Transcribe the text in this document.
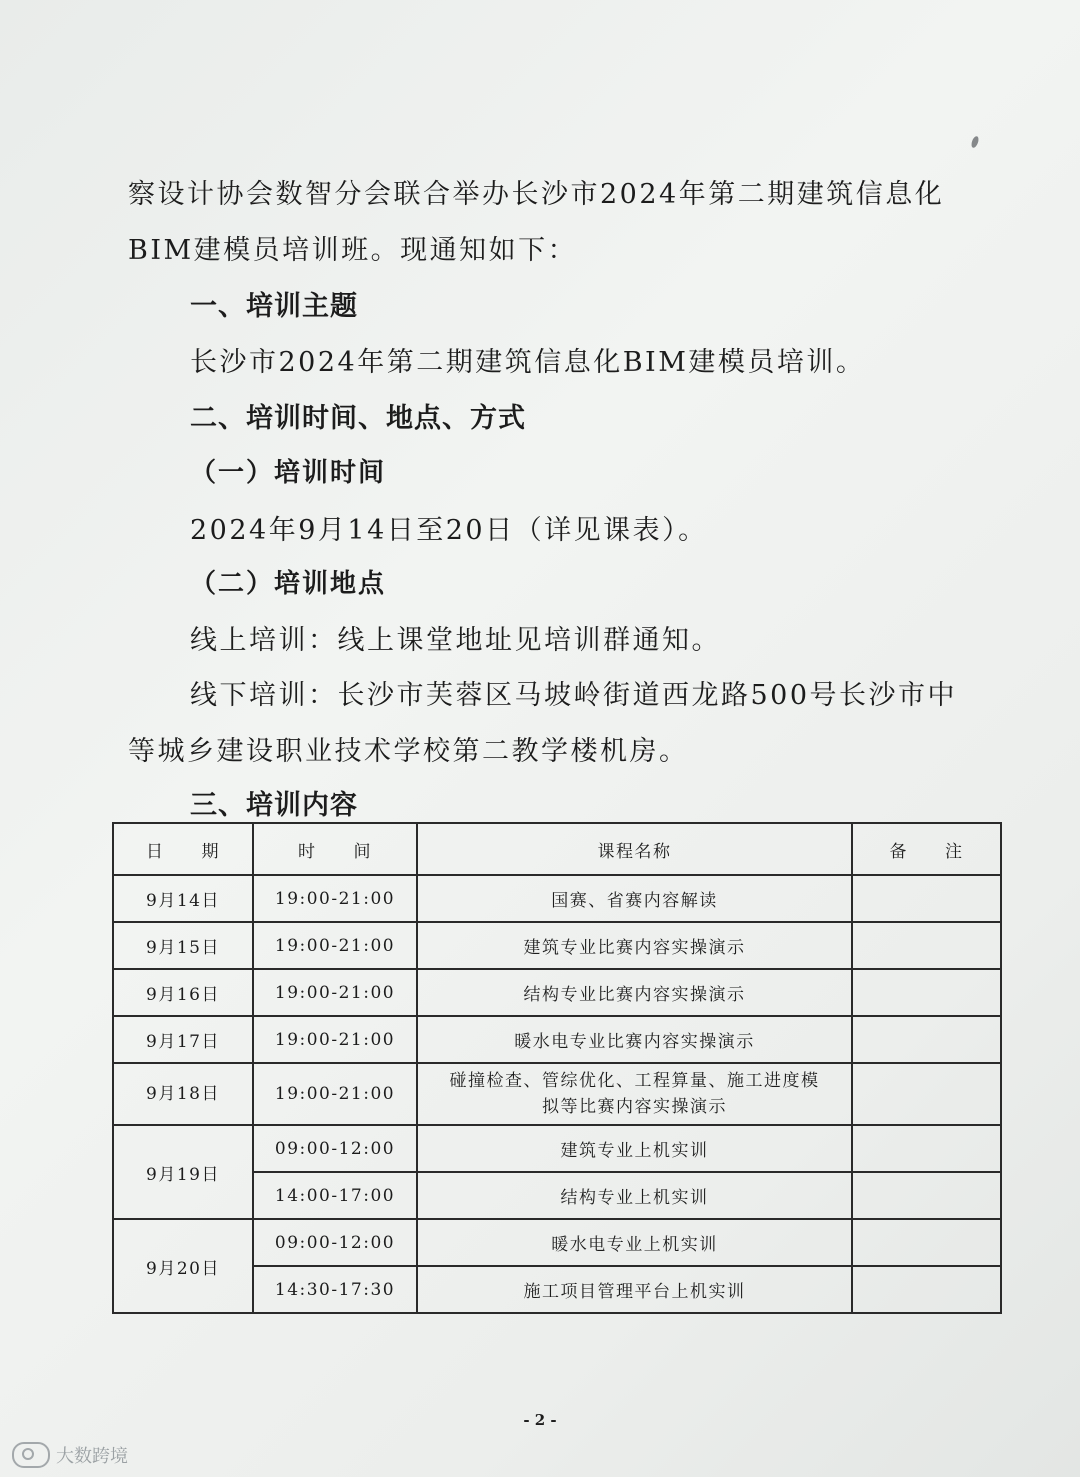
察设计协会数智分会联合举办长沙市2024年第二期建筑信息化
BIM建模员培训班。现通知如下：
一、培训主题
长沙市2024年第二期建筑信息化BIM建模员培训。
二、培训时间、地点、方式
（一）培训时间
2024年9月14日至20日（详见课表）。
（二）培训地点
线上培训：线上课堂地址见培训群通知。
线下培训：长沙市芙蓉区马坡岭街道西龙路500号长沙市中
等城乡建设职业技术学校第二教学楼机房。
三、培训内容
日　　期	时　　间	课程名称	备　　注
9月14日	19:00-21:00	国赛、省赛内容解读	
9月15日	19:00-21:00	建筑专业比赛内容实操演示	
9月16日	19:00-21:00	结构专业比赛内容实操演示	
9月17日	19:00-21:00	暖水电专业比赛内容实操演示	
9月18日	19:00-21:00	碰撞检查、管综优化、工程算量、施工进度模
拟等比赛内容实操演示	

9月19日	09:00-12:00	建筑专业上机实训	
	14:00-17:00	结构专业上机实训	
9月20日	09:00-12:00	暖水电专业上机实训	
	14:30-17:30	施工项目管理平台上机实训	
- 2 -
大数跨境
